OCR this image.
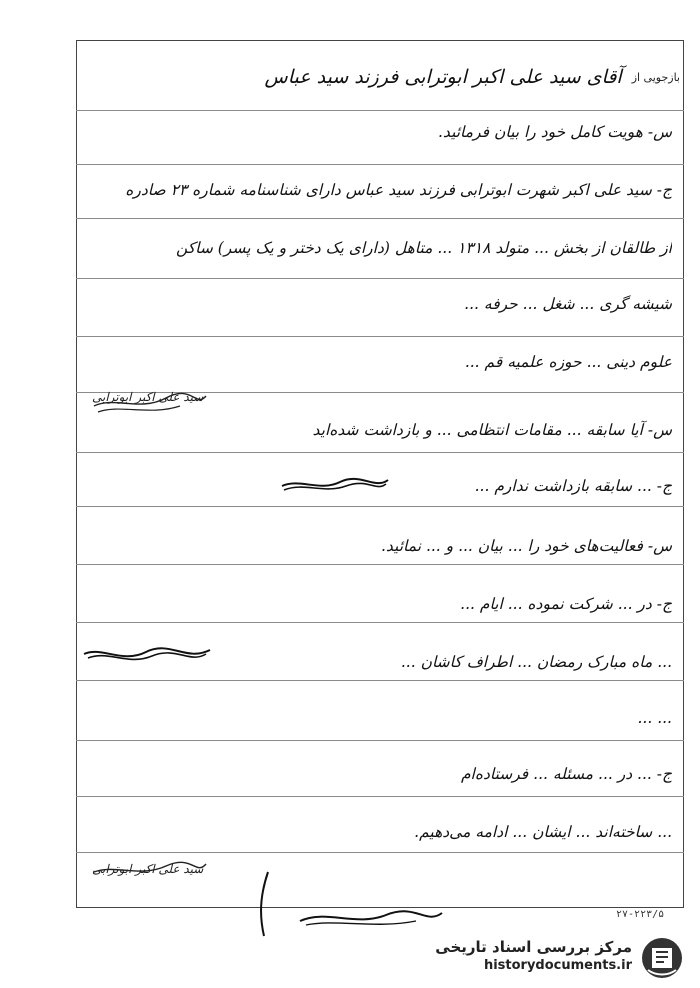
بازجویی از
آقای سید علی اکبر ابوترابی فرزند سید عباس
س- هویت کامل خود را بیان فرمائید.
ج- سید علی اکبر شهرت ابوترابی فرزند سید عباس دارای شناسنامه شماره ۲۳ صادره
از طالقان از بخش ... متولد ۱۳۱۸ ... متاهل (دارای یک دختر و یک پسر) ساکن
شیشه گری ... شغل ... حرفه ...
علوم دینی ... حوزه علمیه قم ...
س- آیا سابقه ... مقامات انتظامی ... و بازداشت شده‌اید
ج- ... سابقه بازداشت ندارم ...
س- فعالیت‌های خود را ... بیان ... و ... نمائید.
ج- در ... شرکت نموده ... ایام ...
... ماه مبارک رمضان ... اطراف کاشان ...
... ...
ج- ... در ... مسئله ... فرستاده‌ام
... ساخته‌اند ... ایشان ... ادامه می‌دهیم.
سید علی اکبر ابوترابی
سید علی اکبر ابوترابی
۲۷-۲۲۳/۵
مرکز بررسی اسناد تاریخی
historydocuments.ir
